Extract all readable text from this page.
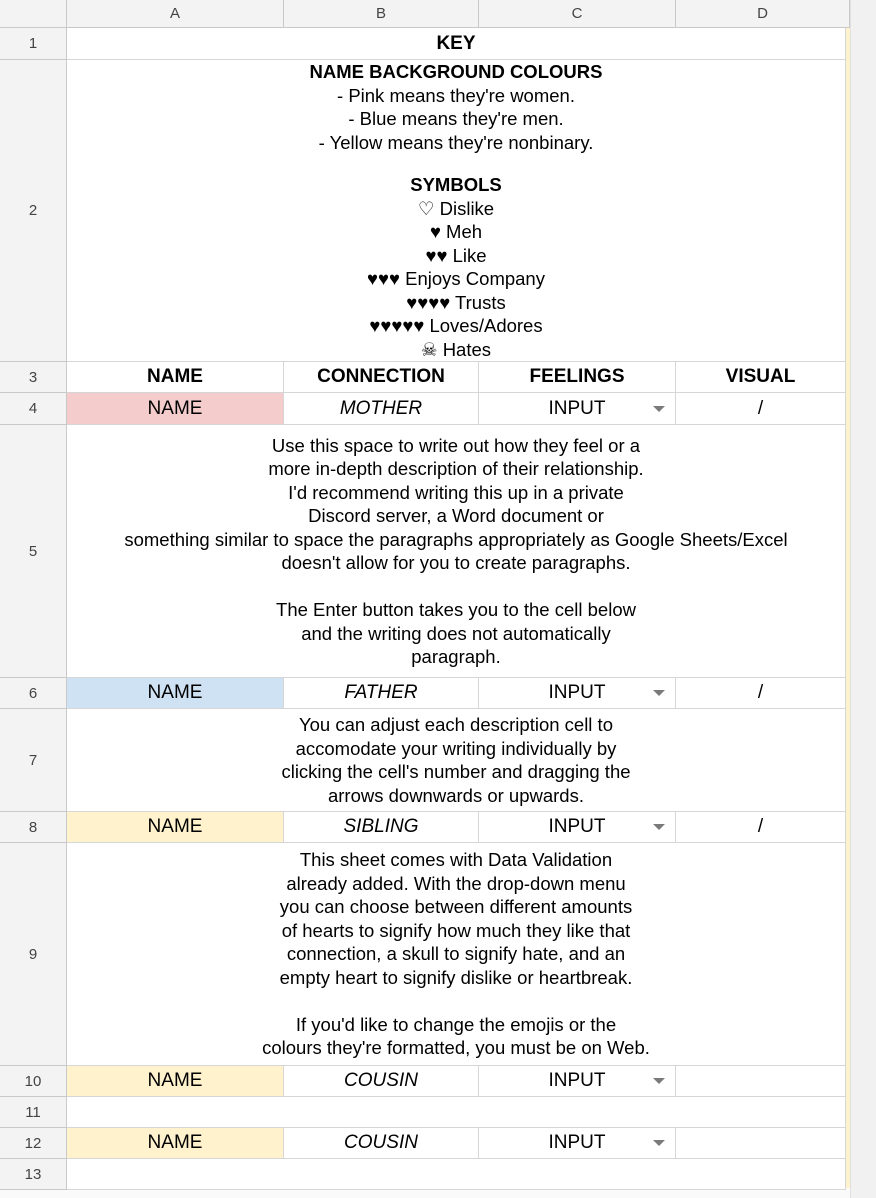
A	B	C	D
1
2
3
4
5
6
7
8
9
10
11
12
13
KEY
NAME BACKGROUND COLOURS
- Pink means they're women.
- Blue means they're men.
- Yellow means they're nonbinary.
SYMBOLS
♡ Dislike
♥ Meh
♥♥ Like
♥♥♥ Enjoys Company
♥♥♥♥ Trusts
♥♥♥♥♥ Loves/Adores
☠ Hates
NAME	CONNECTION	FEELINGS	VISUAL
NAME	MOTHER	INPUT	/
Use this space to write out how they feel or a
more in-depth description of their relationship.
I'd recommend writing this up in a private
Discord server, a Word document or
something similar to space the paragraphs appropriately as Google Sheets/Excel
doesn't allow for you to create paragraphs.

The Enter button takes you to the cell below
and the writing does not automatically
paragraph.
NAME	FATHER	INPUT	/
You can adjust each description cell to
accomodate your writing individually by
clicking the cell's number and dragging the
arrows downwards or upwards.
NAME	SIBLING	INPUT	/
This sheet comes with Data Validation
already added. With the drop-down menu
you can choose between different amounts
of hearts to signify how much they like that
connection, a skull to signify hate, and an
empty heart to signify dislike or heartbreak.

If you'd like to change the emojis or the
colours they're formatted, you must be on Web.
NAME	COUSIN	INPUT
NAME	COUSIN	INPUT
